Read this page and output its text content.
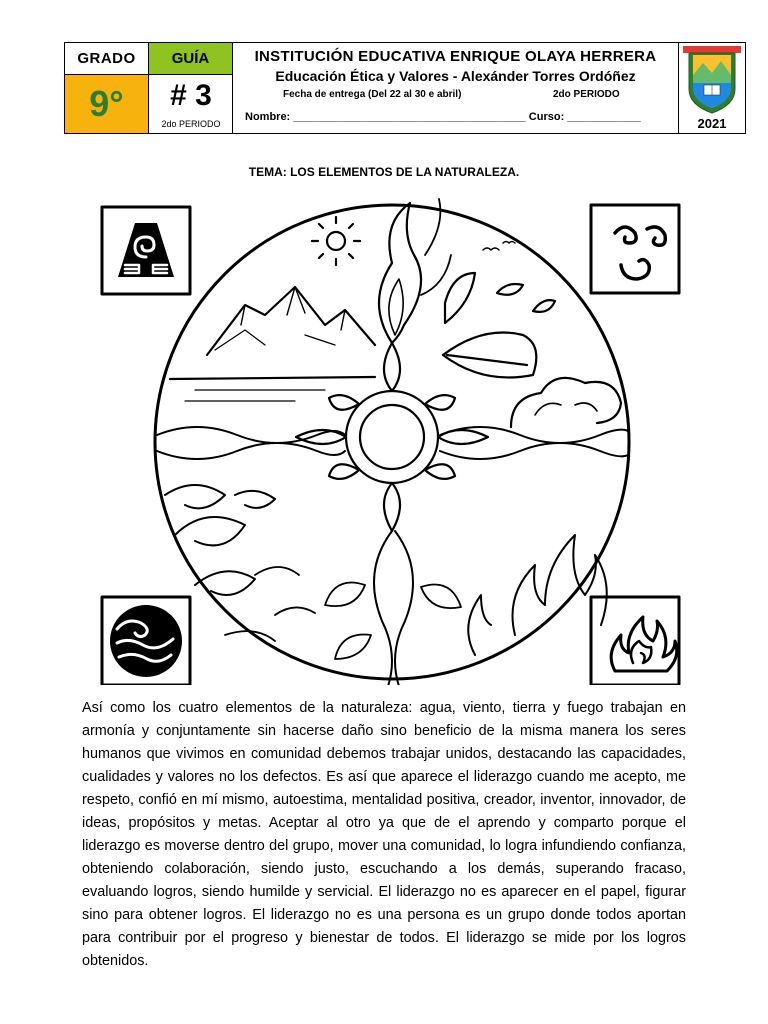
GRADO	GUÍA
9°	# 3
2do PERIODO
INSTITUCIÓN EDUCATIVA ENRIQUE OLAYA HERRERA
Educación Ética y Valores - Alexánder Torres Ordóñez
Fecha de entrega (Del 22 al 30 e abril)	2do PERIODO
Nombre: ______________________________________ Curso: ____________	2021
TEMA: LOS ELEMENTOS DE LA NATURALEZA.
Así como los cuatro elementos de la naturaleza: agua, viento, tierra y fuego trabajan en armonía y conjuntamente sin hacerse daño sino beneficio de la misma manera los seres humanos que vivimos en comunidad debemos trabajar unidos, destacando las capacidades, cualidades y valores no los defectos. Es así que aparece el liderazgo cuando me acepto, me respeto, confió en mí mismo, autoestima, mentalidad positiva, creador, inventor, innovador, de ideas, propósitos y metas. Aceptar al otro ya que de el aprendo y comparto porque el liderazgo es moverse dentro del grupo, mover una comunidad, lo logra infundiendo confianza, obteniendo colaboración, siendo justo, escuchando a los demás, superando fracaso, evaluando logros, siendo humilde y servicial. El liderazgo no es aparecer en el papel, figurar sino para obtener logros. El liderazgo no es una persona es un grupo donde todos aportan para contribuir por el progreso y bienestar de todos. El liderazgo se mide por los logros obtenidos.
